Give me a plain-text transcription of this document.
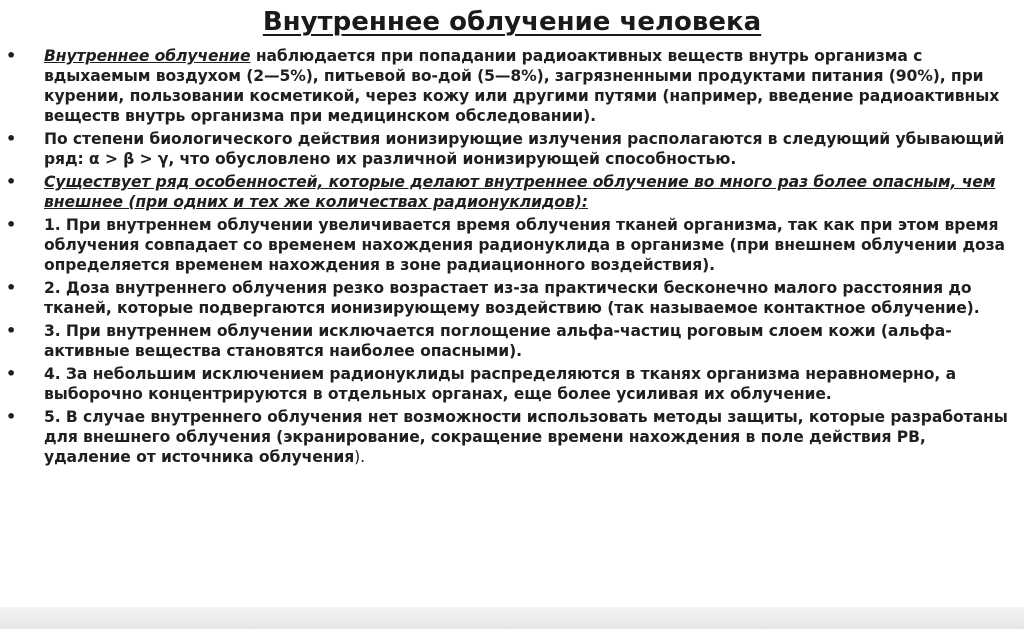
Внутреннее облучение человека
• Внутреннее облучение наблюдается при попадании радиоактивных веществ внутрь организма с вдыхаемым воздухом (2—5%), питьевой во-дой (5—8%), загрязненными продуктами питания (90%), при курении, пользовании косметикой, через кожу или другими путями (например, введение радиоактивных веществ внутрь организма при медицинском обследовании).
• По степени биологического действия ионизирующие излучения располагаются в следующий убывающий ряд: α > β > γ, что обусловлено их различной ионизирующей способностью.
• Существует ряд особенностей, которые делают внутреннее облучение во много раз более опасным, чем внешнее (при одних и тех же количествах радионуклидов):
• 1. При внутреннем облучении увеличивается время облучения тканей организма, так как при этом время облучения совпадает со временем нахождения радионуклида в организме (при внешнем облучении доза определяется временем нахождения в зоне радиационного воздействия).
• 2. Доза внутреннего облучения резко возрастает из-за практически бесконечно малого расстояния до тканей, которые подвергаются ионизирующему воздействию (так называемое контактное облучение).
• 3. При внутреннем облучении исключается поглощение альфа-частиц роговым слоем кожи (альфа-активные вещества становятся наиболее опасными).
• 4. За небольшим исключением радионуклиды распределяются в тканях организма неравномерно, а выборочно концентрируются в отдельных органах, еще более усиливая их облучение.
• 5. В случае внутреннего облучения нет возможности использовать методы защиты, которые разработаны для внешнего облучения (экранирование, сокращение времени нахождения в поле действия РВ, удаление от источника облучения).
